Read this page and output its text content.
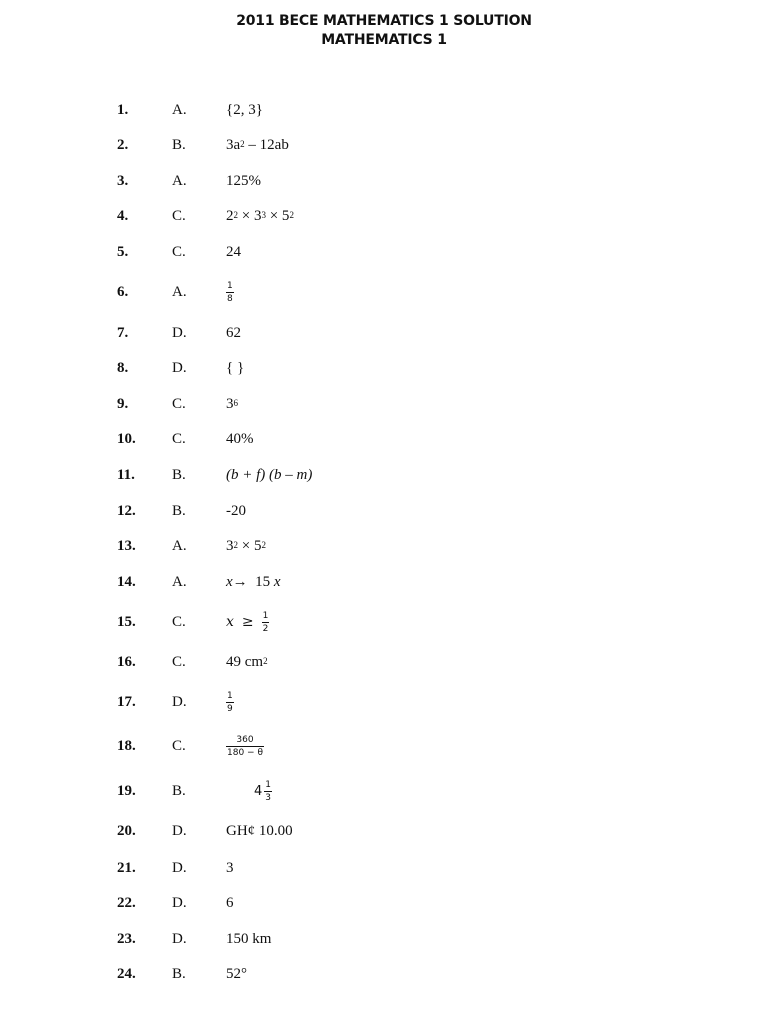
2011 BECE MATHEMATICS 1 SOLUTION
MATHEMATICS 1
1.	A.	{2, 3}
2.	B.	$3a^2 - 12ab$
3.	A.	125%
4.	C.	$2^2 \times 3^3 \times 5^2$
5.	C.	24
6.	A.	$\frac{1}{8}$
7.	D.	62
8.	D.	{ }
9.	C.	$3^6$
10. C.	40%
11. B.	(b + f) (b – m)
12. B.	-20
13. A.	$3^2 \times 5^2$
14. A.	x →  15 x
15. C.	$x \ge \frac{1}{2}$
16. C.	49 $cm^2$
17. D.	$\frac{1}{9}$
18. C.	$\frac{360}{180 - \theta}$
19. B.	$4 \frac{1}{3}$
20. D.	GH¢ 10.00
21. D.	3
22. D.	6
23. D.	150 km
24. B.	52°
